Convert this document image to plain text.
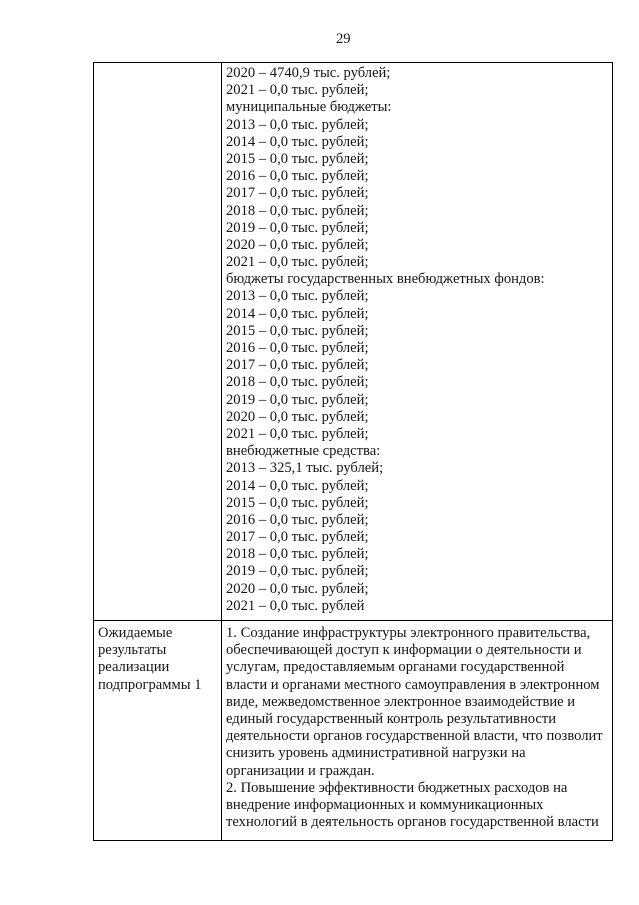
29
2020 – 4740,9 тыс. рублей;
2021 – 0,0 тыс. рублей;
муниципальные бюджеты:
2013 – 0,0 тыс. рублей;
2014 – 0,0 тыс. рублей;
2015 – 0,0 тыс. рублей;
2016 – 0,0 тыс. рублей;
2017 – 0,0 тыс. рублей;
2018 – 0,0 тыс. рублей;
2019 – 0,0 тыс. рублей;
2020 – 0,0 тыс. рублей;
2021 – 0,0 тыс. рублей;
бюджеты государственных внебюджетных фондов:
2013 – 0,0 тыс. рублей;
2014 – 0,0 тыс. рублей;
2015 – 0,0 тыс. рублей;
2016 – 0,0 тыс. рублей;
2017 – 0,0 тыс. рублей;
2018 – 0,0 тыс. рублей;
2019 – 0,0 тыс. рублей;
2020 – 0,0 тыс. рублей;
2021 – 0,0 тыс. рублей;
внебюджетные средства:
2013 – 325,1 тыс. рублей;
2014 – 0,0 тыс. рублей;
2015 – 0,0 тыс. рублей;
2016 – 0,0 тыс. рублей;
2017 – 0,0 тыс. рублей;
2018 – 0,0 тыс. рублей;
2019 – 0,0 тыс. рублей;
2020 – 0,0 тыс. рублей;
2021 – 0,0 тыс. рублей
Ожидаемые
результаты
реализации
подпрограммы 1
1. Создание инфраструктуры электронного правительства,
обеспечивающей доступ к информации о деятельности и
услугам, предоставляемым органами государственной
власти и органами местного самоуправления в электронном
виде, межведомственное электронное взаимодействие и
единый государственный контроль результативности
деятельности органов государственной власти, что позволит
снизить уровень административной нагрузки на
организации и граждан.
2. Повышение эффективности бюджетных расходов на
внедрение информационных и коммуникационных
технологий в деятельность органов государственной власти
